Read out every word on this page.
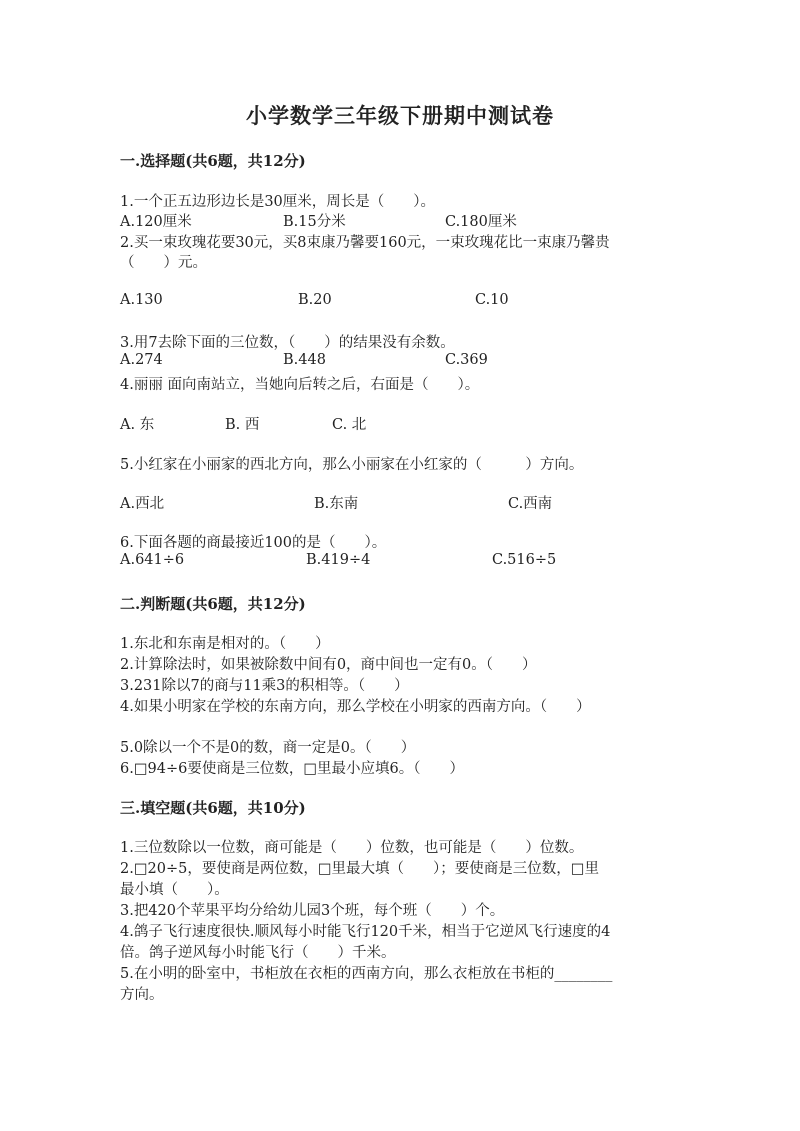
小学数学三年级下册期中测试卷
一.选择题(共6题，共12分)
1.一个正五边形边长是30厘米，周长是（　　）。
A.120厘米	B.15分米	C.180厘米
2.买一束玫瑰花要30元，买8束康乃馨要160元，一束玫瑰花比一束康乃馨贵
（　　）元。
A.130	B.20	C.10
3.用7去除下面的三位数，（　　）的结果没有余数。
A.274	B.448	C.369
4.丽丽 面向南站立，当她向后转之后，右面是（　　）。
A. 东	B. 西	C. 北
5.小红家在小丽家的西北方向，那么小丽家在小红家的（　　　）方向。
A.西北	B.东南	C.西南
6.下面各题的商最接近100的是（　　）。
A.641÷6	B.419÷4	C.516÷5
二.判断题(共6题，共12分)
1.东北和东南是相对的。（　　）
2.计算除法时，如果被除数中间有0，商中间也一定有0。（　　）
3.231除以7的商与11乘3的积相等。（　　）
4.如果小明家在学校的东南方向，那么学校在小明家的西南方向。（　　）
5.0除以一个不是0的数，商一定是0。（　　）
6.□94÷6要使商是三位数，□里最小应填6。（　　）
三.填空题(共6题，共10分)
1.三位数除以一位数，商可能是（　　）位数，也可能是（　　）位数。
2.□20÷5，要使商是两位数，□里最大填（　　）；要使商是三位数，□里
最小填（　　）。
3.把420个苹果平均分给幼儿园3个班，每个班（　　）个。
4.鸽子飞行速度很快.顺风每小时能飞行120千米，相当于它逆风飞行速度的4
倍。鸽子逆风每小时能飞行（　　）千米。
5.在小明的卧室中，书柜放在衣柜的西南方向，那么衣柜放在书柜的________
方向。
